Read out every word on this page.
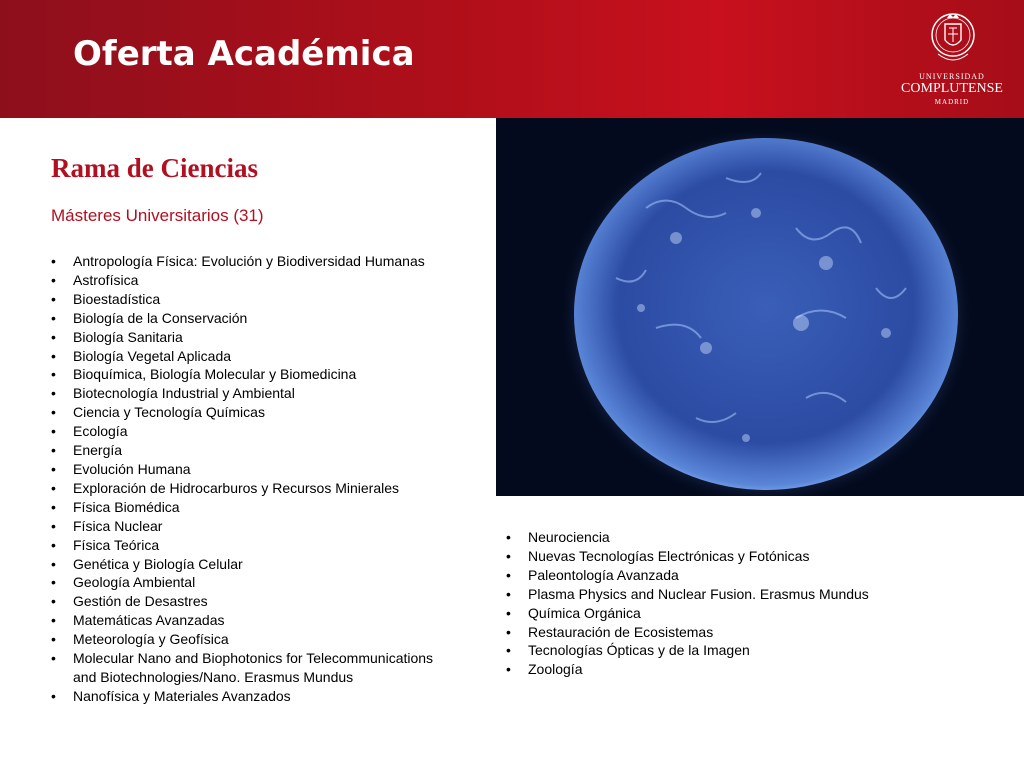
Oferta Académica
UNIVERSIDAD
COMPLUTENSE
MADRID
Rama de Ciencias
Másteres Universitarios (31)
• Antropología Física: Evolución y Biodiversidad Humanas
• Astrofísica
• Bioestadística
• Biología de la Conservación
• Biología Sanitaria
• Biología Vegetal Aplicada
• Bioquímica, Biología Molecular y Biomedicina
• Biotecnología Industrial y Ambiental
• Ciencia y Tecnología Químicas
• Ecología
• Energía
• Evolución Humana
• Exploración de Hidrocarburos y Recursos Minierales
• Física Biomédica
• Física Nuclear
• Física Teórica
• Genética y Biología Celular
• Geología Ambiental
• Gestión de Desastres
• Matemáticas Avanzadas
• Meteorología y Geofísica
• Molecular Nano and Biophotonics for Telecommunications and Biotechnologies/Nano. Erasmus Mundus
• Nanofísica y Materiales Avanzados
• Neurociencia
• Nuevas Tecnologías Electrónicas y Fotónicas
• Paleontología Avanzada
• Plasma Physics and Nuclear Fusion. Erasmus Mundus
• Química Orgánica
• Restauración de Ecosistemas
• Tecnologías Ópticas y de la Imagen
• Zoología
